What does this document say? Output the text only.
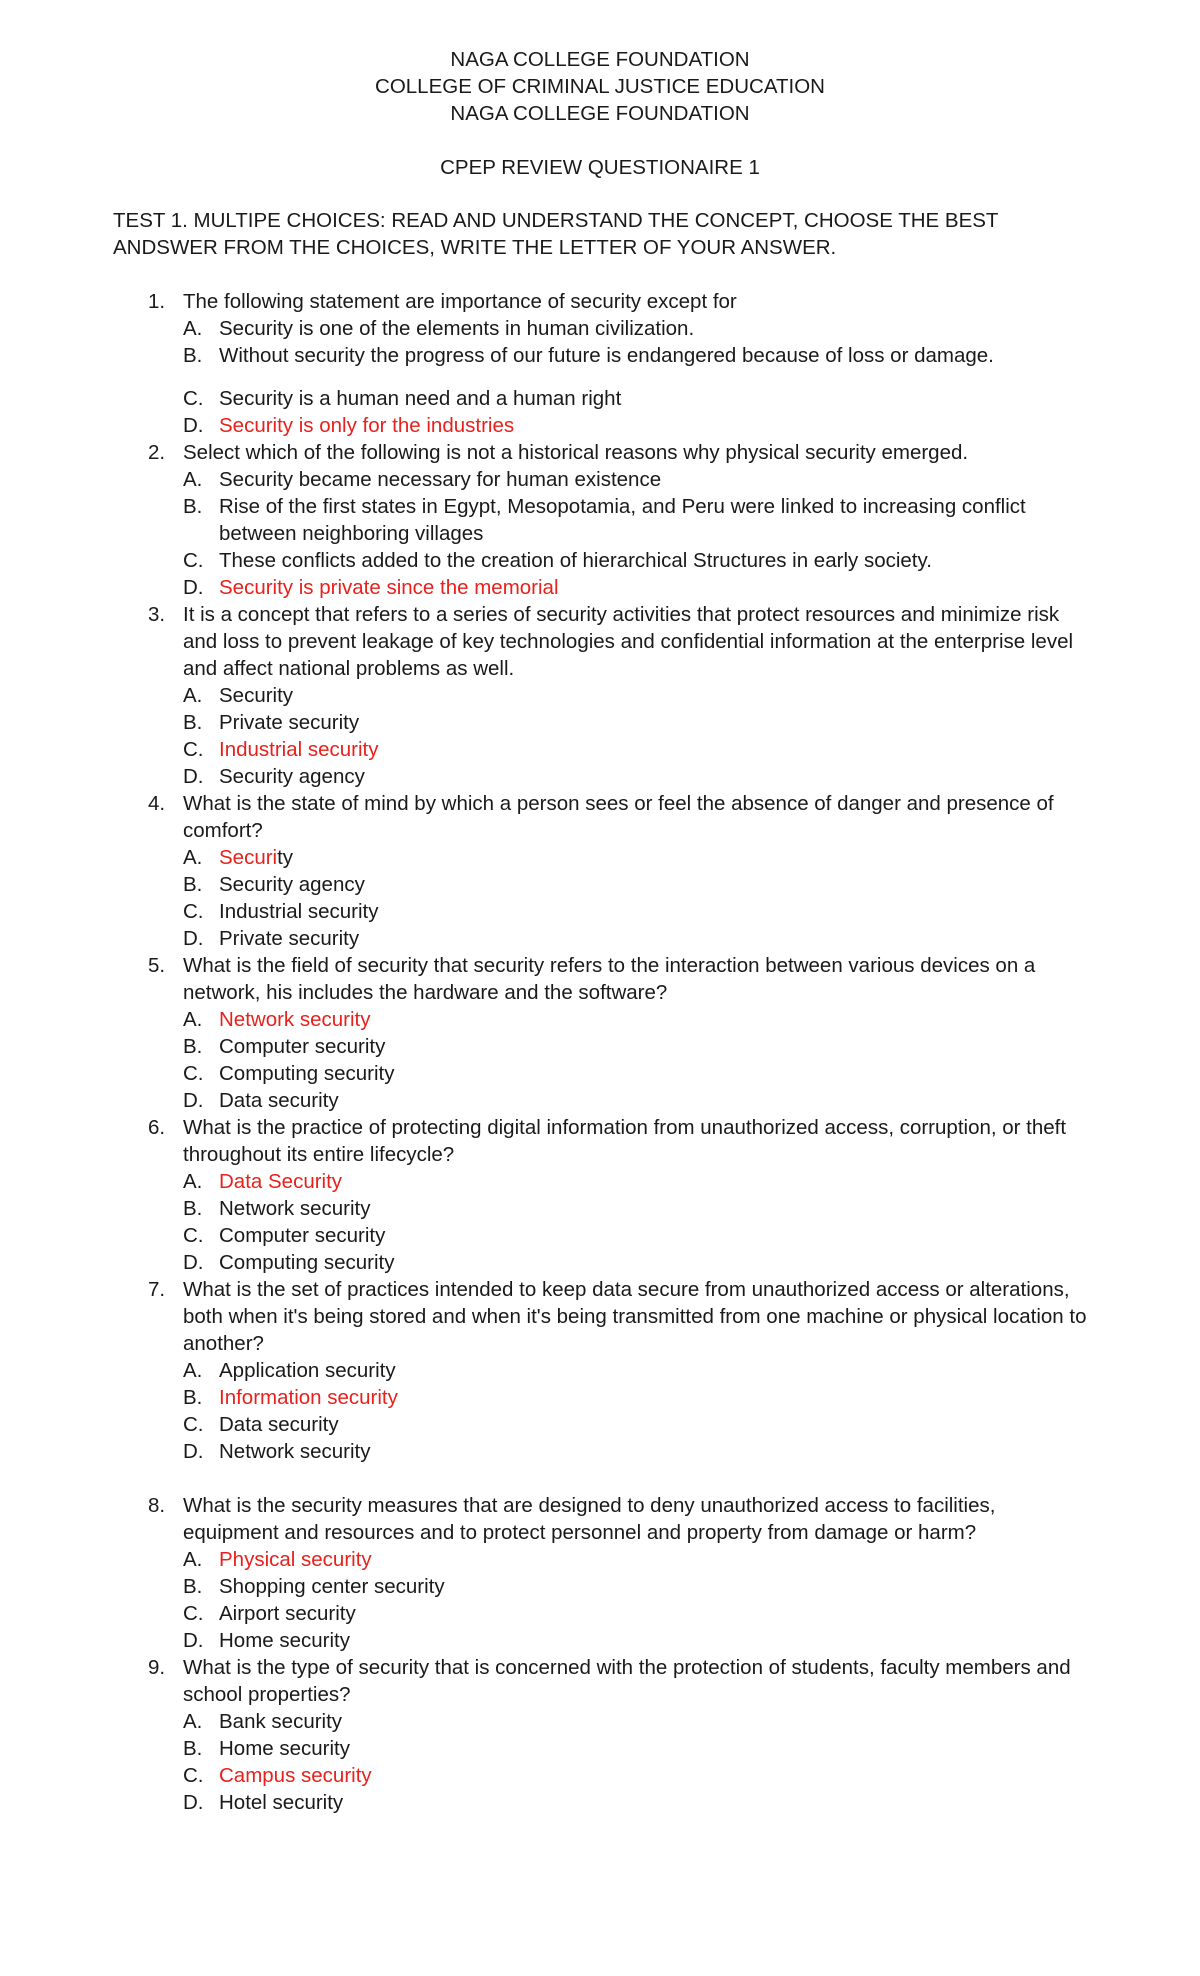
NAGA COLLEGE FOUNDATION
COLLEGE OF CRIMINAL JUSTICE EDUCATION
NAGA COLLEGE FOUNDATION
CPEP REVIEW QUESTIONAIRE 1
TEST 1. MULTIPE CHOICES: READ AND UNDERSTAND THE CONCEPT, CHOOSE THE BEST ANDSWER FROM THE CHOICES, WRITE THE LETTER OF YOUR ANSWER.
1. The following statement are importance of security except for
A. Security is one of the elements in human civilization.
B. Without security the progress of our future is endangered because of loss or damage.
C. Security is a human need and a human right
D. Security is only for the industries
2. Select which of the following is not a historical reasons why physical security emerged.
A. Security became necessary for human existence
B. Rise of the first states in Egypt, Mesopotamia, and Peru were linked to increasing conflict between neighboring villages
C. These conflicts added to the creation of hierarchical Structures in early society.
D. Security is private since the memorial
3. It is a concept that refers to a series of security activities that protect resources and minimize risk and loss to prevent leakage of key technologies and confidential information at the enterprise level and affect national problems as well.
A. Security
B. Private security
C. Industrial security
D. Security agency
4. What is the state of mind by which a person sees or feel the absence of danger and presence of comfort?
A. Security
B. Security agency
C. Industrial security
D. Private security
5. What is the field of security that security refers to the interaction between various devices on a network, his includes the hardware and the software?
A. Network security
B. Computer security
C. Computing security
D. Data security
6. What is the practice of protecting digital information from unauthorized access, corruption, or theft throughout its entire lifecycle?
A. Data Security
B. Network security
C. Computer security
D. Computing security
7. What is the set of practices intended to keep data secure from unauthorized access or alterations, both when it's being stored and when it's being transmitted from one machine or physical location to another?
A. Application security
B. Information security
C. Data security
D. Network security
8. What is the security measures that are designed to deny unauthorized access to facilities, equipment and resources and to protect personnel and property from damage or harm?
A. Physical security
B. Shopping center security
C. Airport security
D. Home security
9. What is the type of security that is concerned with the protection of students, faculty members and school properties?
A. Bank security
B. Home security
C. Campus security
D. Hotel security
